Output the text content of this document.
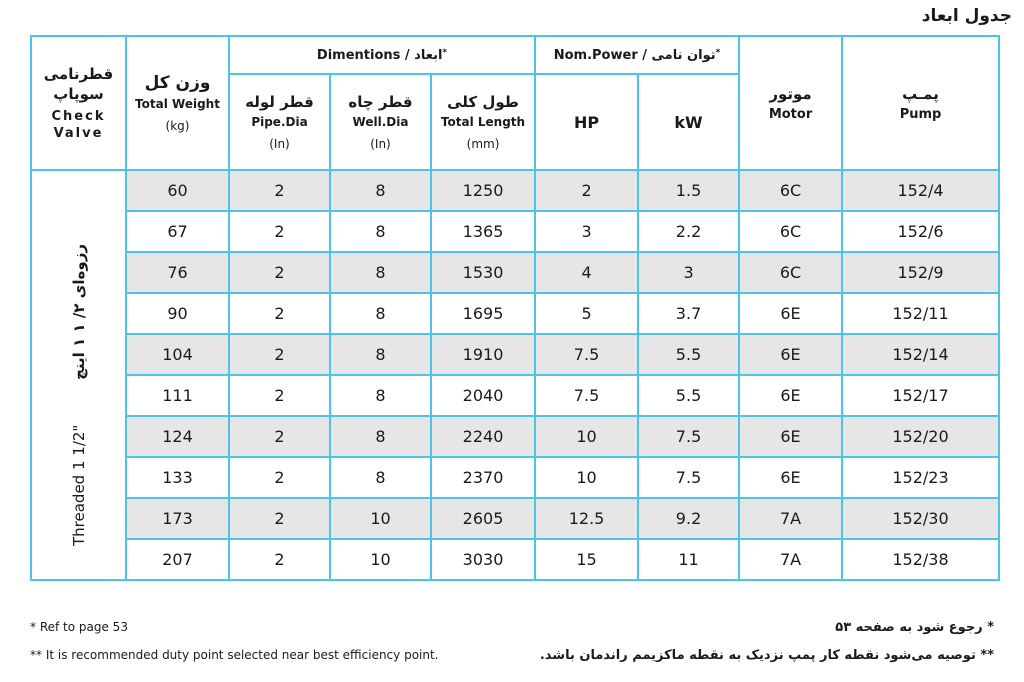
جدول ابعاد
قطرنامی سوپاپ
Check Valve	وزن کل
Total Weight
(kg)	Dimentions / ابعاد*			Nom.Power / توان نامی*		موتور
Motor	پمـپ
Pump

		قطر لوله
Pipe.Dia
(In)	قطر چاه
Well.Dia
(In)	طول کلی
Total Length
(mm)	HP	kW		

Threaded 1 1/2" رزوه‌ای ۲/ ۱ ۱ اینچ	60	2	8	1250	2	1.5	6C	152/4
	67	2	8	1365	3	2.2	6C	152/6
	76	2	8	1530	4	3	6C	152/9
	90	2	8	1695	5	3.7	6E	152/11
	104	2	8	1910	7.5	5.5	6E	152/14
	111	2	8	2040	7.5	5.5	6E	152/17
	124	2	8	2240	10	7.5	6E	152/20
	133	2	8	2370	10	7.5	6E	152/23
	173	2	10	2605	12.5	9.2	7A	152/30
	207	2	10	3030	15	11	7A	152/38
* Ref to page 53
** It is recommended duty point selected near best efficiency point.
* رجوع شود به صفحه ۵۳
** توصیه می‌شود نقطه کار پمپ نزدیک به نقطه ماکزیمم راندمان باشد.
